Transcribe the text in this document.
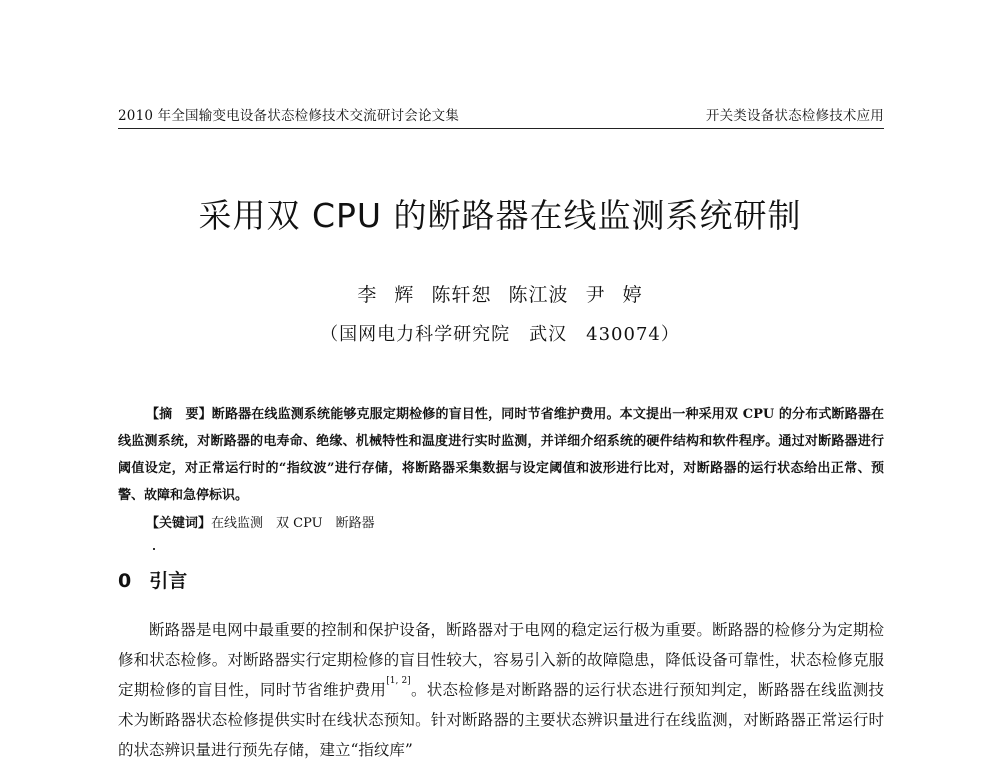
2010 年全国输变电设备状态检修技术交流研讨会论文集	开关类设备状态检修技术应用
采用双 CPU 的断路器在线监测系统研制
李 辉 陈轩恕 陈江波 尹 婷
（国网电力科学研究院　武汉　430074）
【摘　要】断路器在线监测系统能够克服定期检修的盲目性，同时节省维护费用。本文提出一种采用双 CPU 的分布式断路器在线监测系统，对断路器的电寿命、绝缘、机械特性和温度进行实时监测，并详细介绍系统的硬件结构和软件程序。通过对断路器进行阈值设定，对正常运行时的“指纹波”进行存储，将断路器采集数据与设定阈值和波形进行比对，对断路器的运行状态给出正常、预警、故障和急停标识。
【关键词】在线监测　双 CPU　断路器
0 引言
断路器是电网中最重要的控制和保护设备，断路器对于电网的稳定运行极为重要。断路器的检修分为定期检修和状态检修。对断路器实行定期检修的盲目性较大，容易引入新的故障隐患，降低设备可靠性，状态检修克服定期检修的盲目性，同时节省维护费用[1, 2]。状态检修是对断路器的运行状态进行预知判定，断路器在线监测技术为断路器状态检修提供实时在线状态预知。针对断路器的主要状态辨识量进行在线监测，对断路器正常运行时的状态辨识量进行预先存储，建立“指纹库”
